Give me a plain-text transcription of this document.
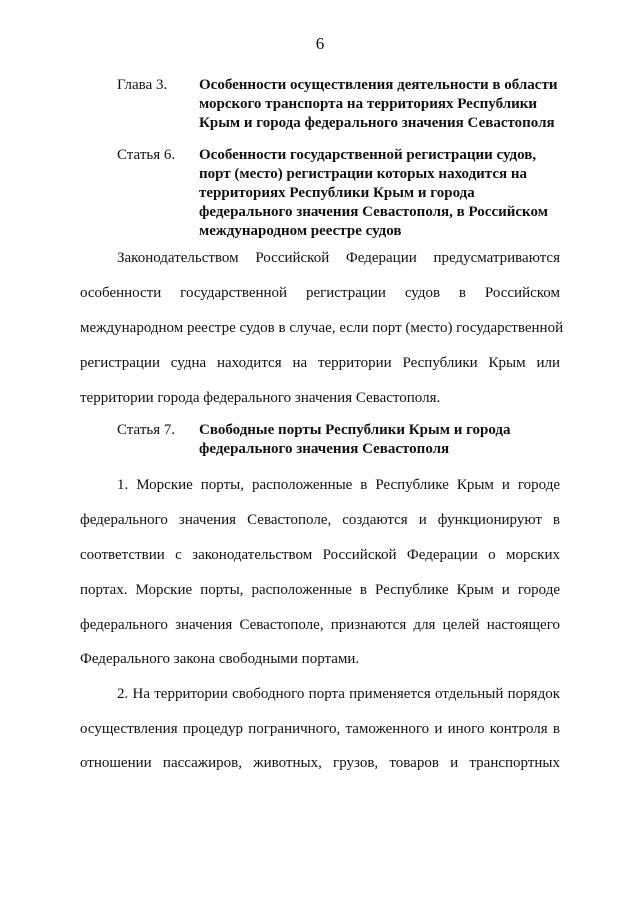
6
Глава 3.	Особенности осуществления деятельности в области морского транспорта на территориях Республики Крым и города федерального значения Севастополя
Статья 6.	Особенности государственной регистрации судов, порт (место) регистрации которых находится на территориях Республики Крым и города федерального значения Севастополя, в Российском международном реестре судов
Законодательством Российской Федерации предусматриваются
особенности государственной регистрации судов в Российском
международном реестре судов в случае, если порт (место) государственной
регистрации судна находится на территории Республики Крым или
территории города федерального значения Севастополя.
Статья 7.	Свободные порты Республики Крым и города федерального значения Севастополя
1. Морские порты, расположенные в Республике Крым и городе
федерального значения Севастополе, создаются и функционируют в
соответствии с законодательством Российской Федерации о морских
портах. Морские порты, расположенные в Республике Крым и городе
федерального значения Севастополе, признаются для целей настоящего
Федерального закона свободными портами.
2. На территории свободного порта применяется отдельный порядок
осуществления процедур пограничного, таможенного и иного контроля в
отношении пассажиров, животных, грузов, товаров и транспортных
